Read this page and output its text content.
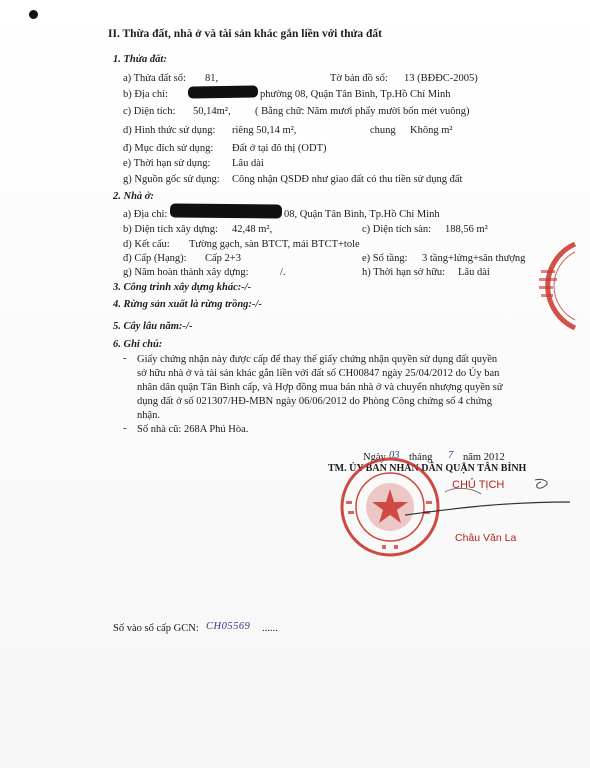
II. Thừa đất, nhà ở và tài sản khác gắn liền với thửa đất
1. Thửa đất:
a) Thửa đất số: 81,	Tờ bản đồ số: 13 (BĐĐC-2005)
b) Địa chỉ:	phường 08, Quận Tân Bình, Tp.Hồ Chí Minh
c) Diện tích: 50,14m², ( Bằng chữ: Năm mươi phẩy mười bốn mét vuông)
d) Hình thức sử dụng: riêng 50,14 m²,	chung Không m²
đ) Mục đích sử dụng: Đất ở tại đô thị (ODT)
e) Thời hạn sử dụng: Lâu dài
g) Nguồn gốc sử dụng: Công nhận QSDĐ như giao đất có thu tiền sử dụng đất
2. Nhà ở:
a) Địa chỉ:	08, Quận Tân Bình, Tp.Hồ Chí Minh
b) Diện tích xây dựng: 42,48 m²,	c) Diện tích sàn: 188,56 m²
d) Kết cấu: Tường gạch, sàn BTCT, mái BTCT+tole
đ) Cấp (Hạng): Cấp 2+3	e) Số tầng: 3 tầng+lửng+sân thượng
g) Năm hoàn thành xây dựng:	/.	h) Thời hạn sở hữu: Lâu dài
3. Công trình xây dựng khác:-/-
4. Rừng sản xuất là rừng trồng:-/-
5. Cây lâu năm:-/-
6. Ghi chú:
- Giấy chứng nhận này được cấp để thay thế giấy chứng nhận quyền sử dụng đất quyền
sở hữu nhà ở và tài sản khác gắn liền với đất số CH00847 ngày 25/04/2012 do Ủy ban
nhân dân quận Tân Bình cấp, và Hợp đồng mua bán nhà ở và chuyển nhượng quyền sử
dụng đất ở số 021307/HĐ-MBN ngày 06/06/2012 do Phòng Công chứng số 4 chứng
nhận.
- Số nhà cũ: 268A Phú Hòa.
Ngày 03 tháng 7 năm 2012
TM. ỦY BAN NHÂN DÂN QUẬN TÂN BÌNH
CHỦ TỊCH
Châu Văn La
Số vào sổ cấp GCN: CH05569 ......
